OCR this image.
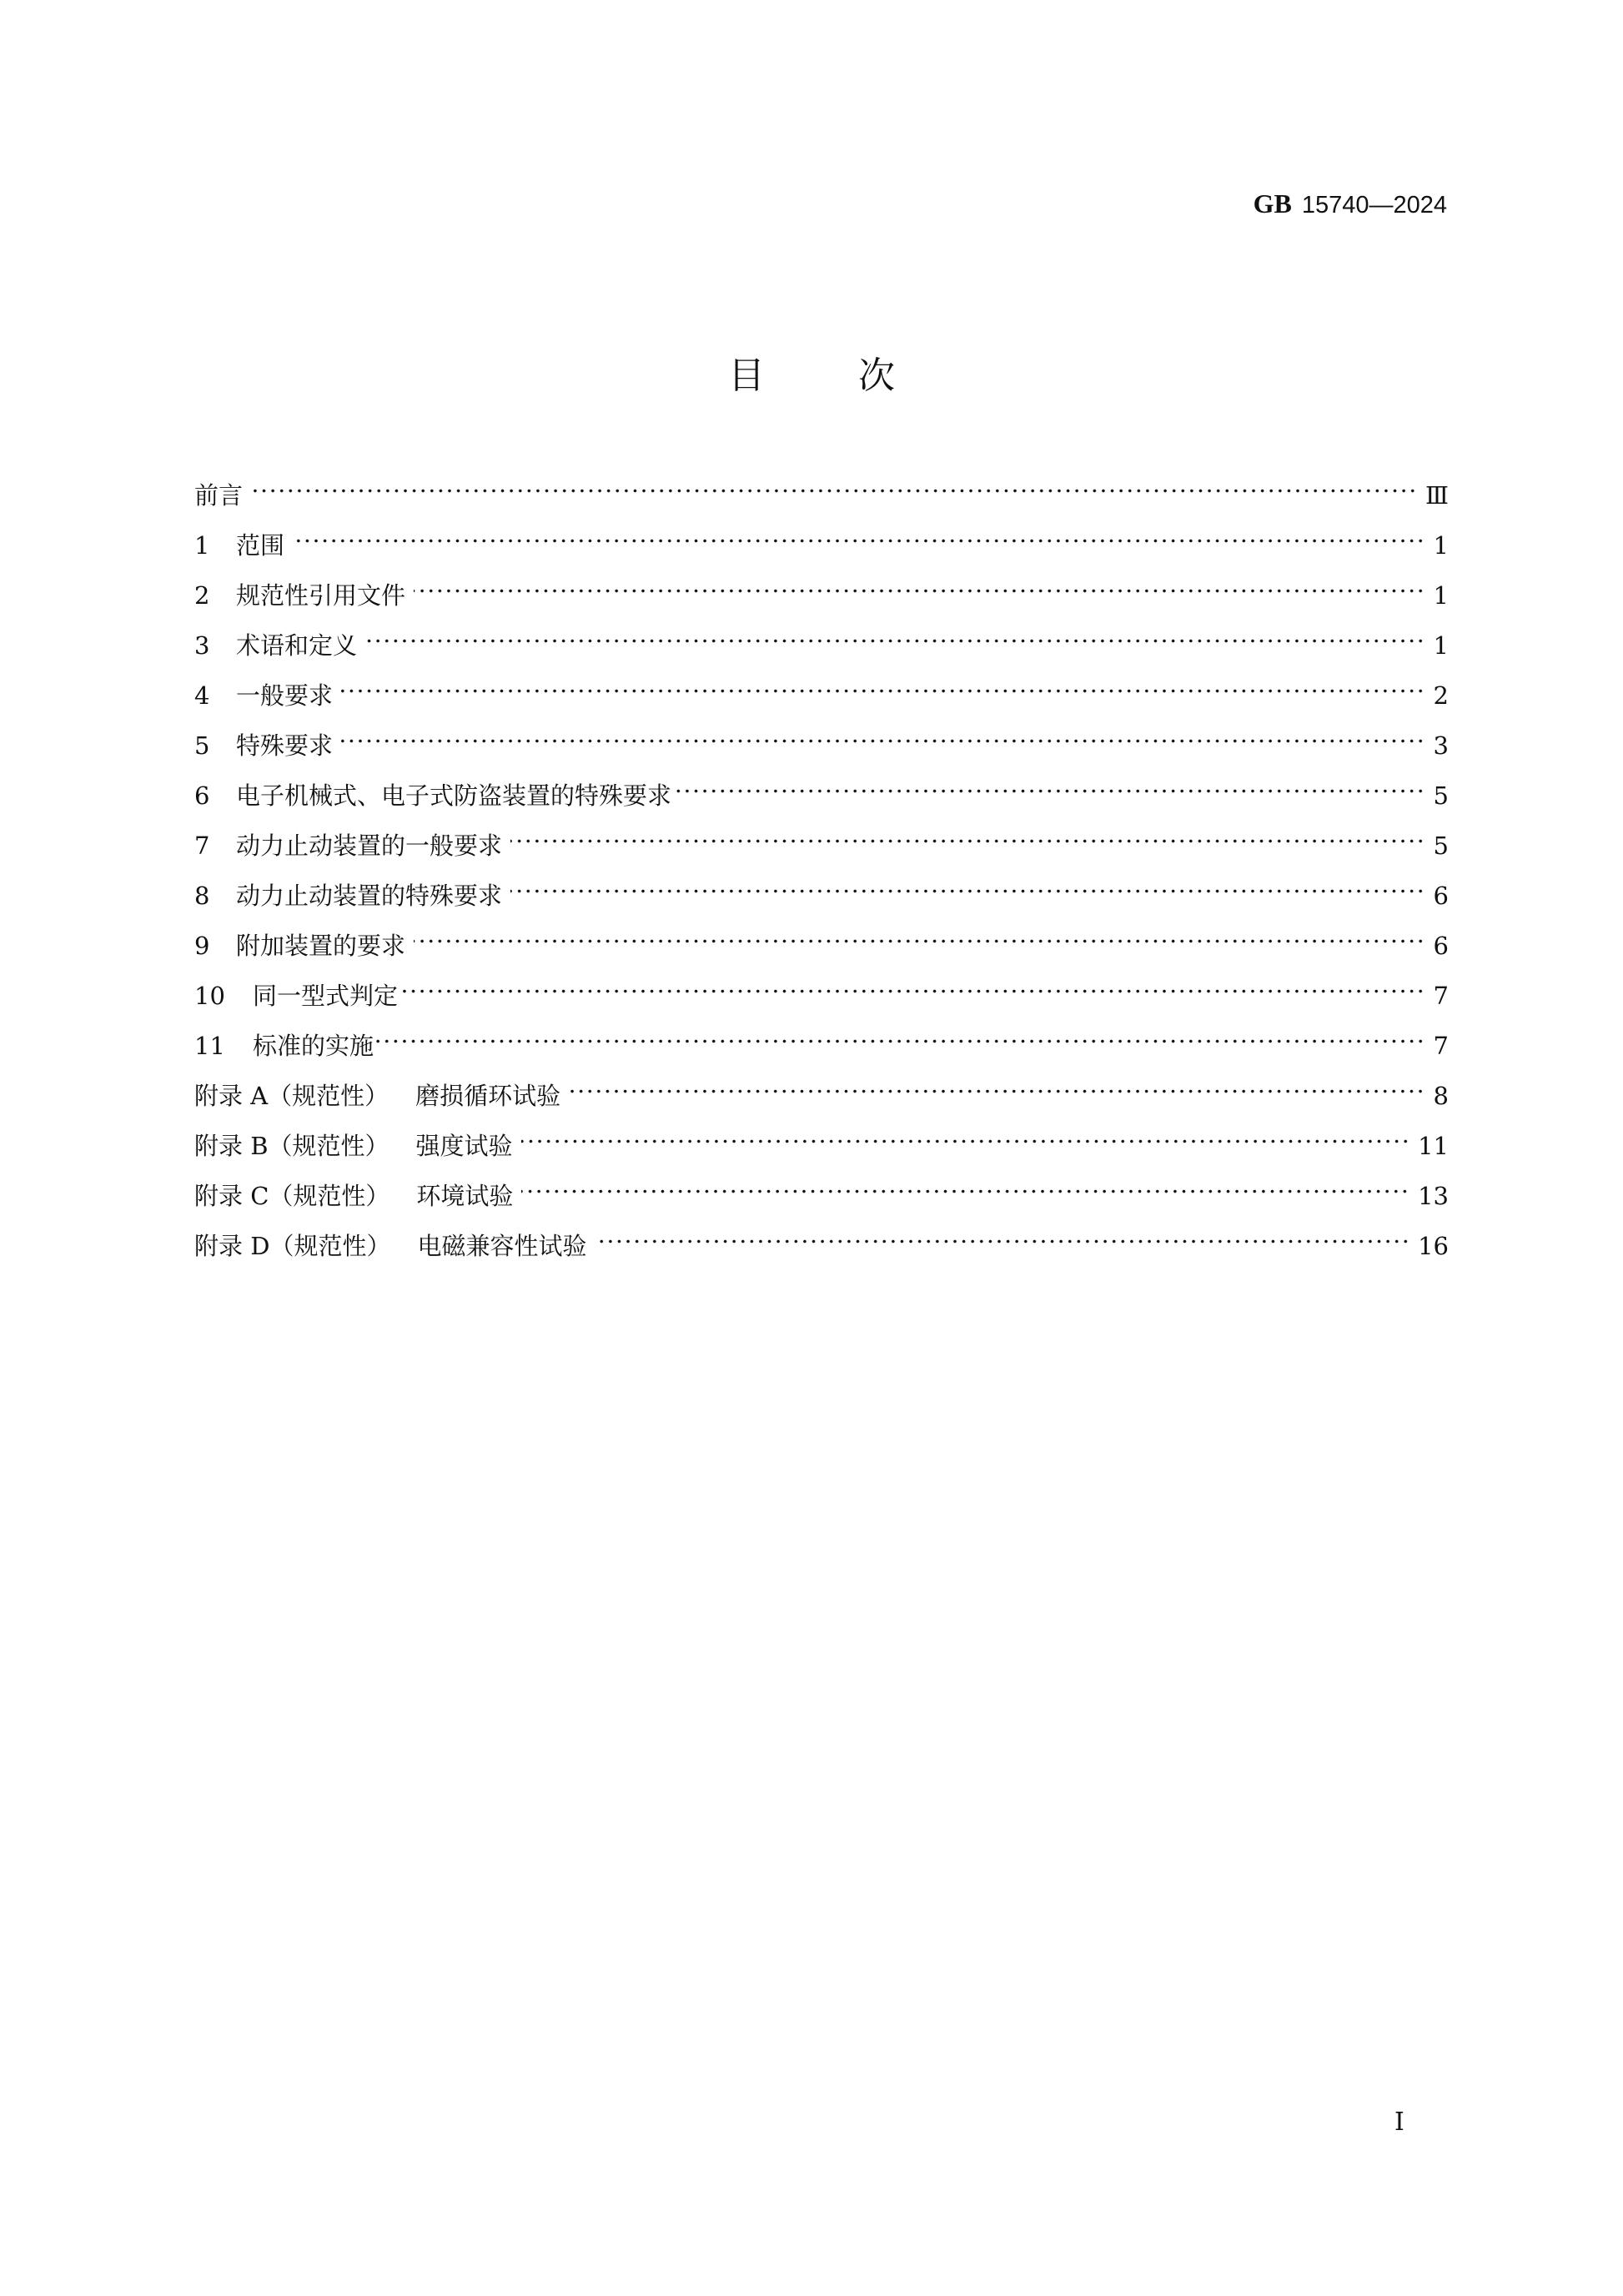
GB 15740—2024
目	次
前言	Ⅲ
1	范围	1
2	规范性引用文件	1
3	术语和定义	1
4	一般要求	2
5	特殊要求	3
6	电子机械式、电子式防盗装置的特殊要求	5
7	动力止动装置的一般要求	5
8	动力止动装置的特殊要求	6
9	附加装置的要求	6
10	同一型式判定	7
11	标准的实施	7
附录 A（规范性） 磨损循环试验	8
附录 B（规范性） 强度试验	11
附录 C（规范性） 环境试验	13
附录 D（规范性） 电磁兼容性试验	16
I
